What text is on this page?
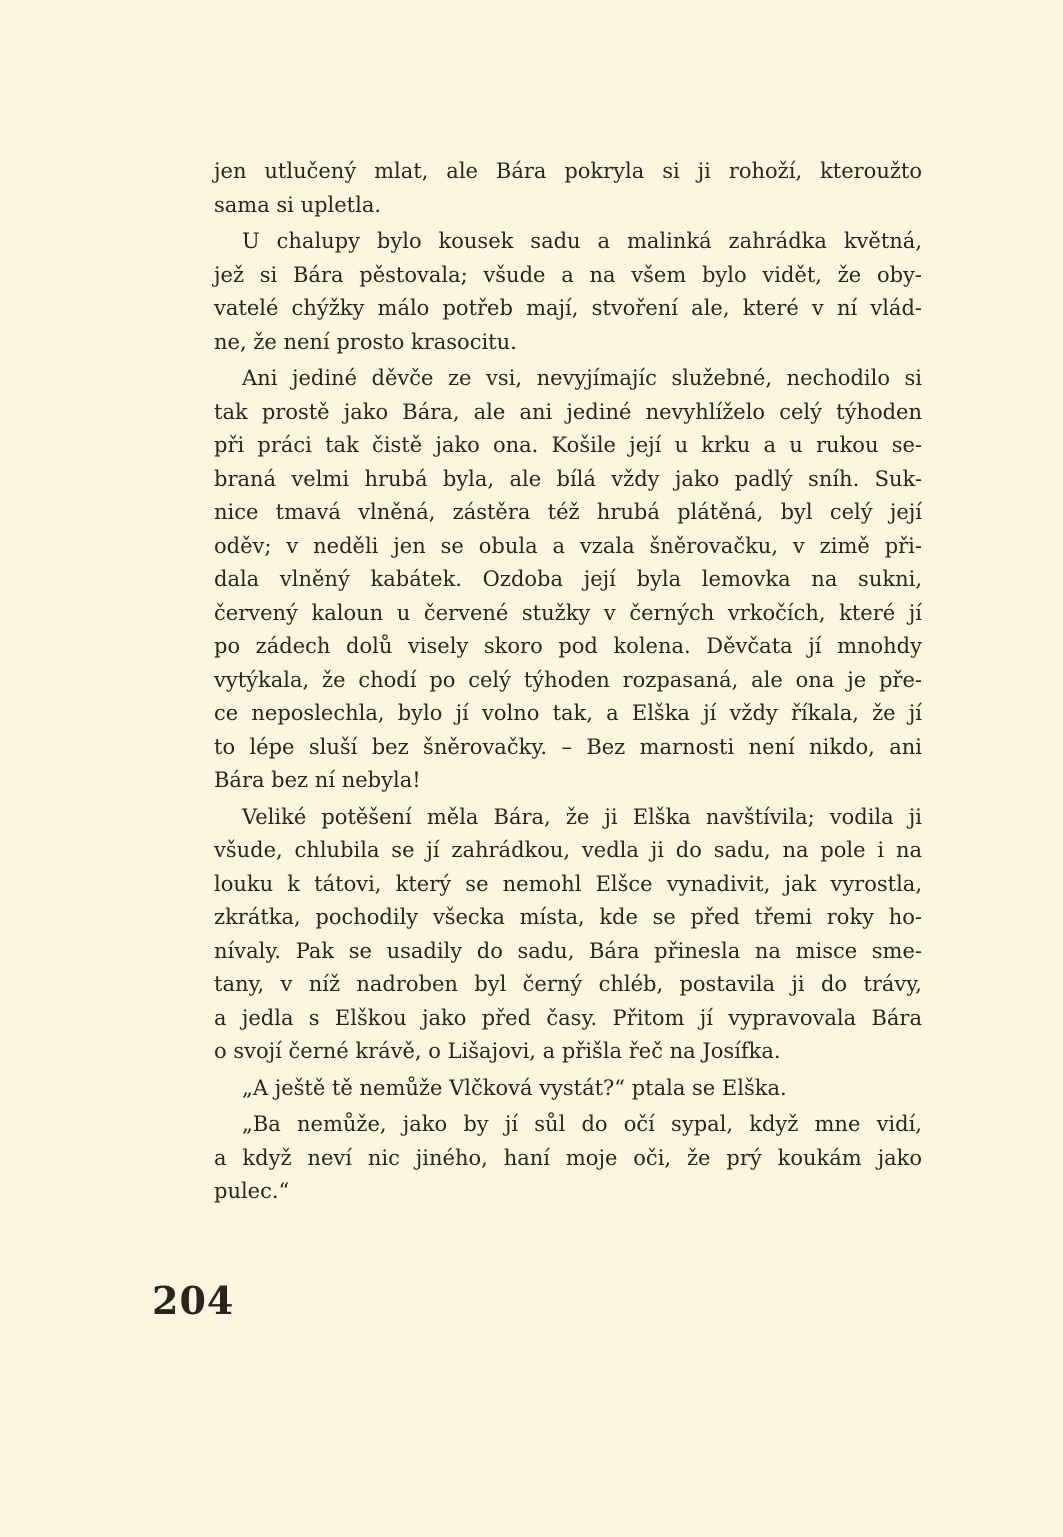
jen utlučený mlat, ale Bára pokryla si ji rohoží, kteroužto
sama si upletla.
U chalupy bylo kousek sadu a malinká zahrádka květná,
jež si Bára pěstovala; všude a na všem bylo vidět, že oby-
vatelé chýžky málo potřeb mají, stvoření ale, které v ní vlád-
ne, že není prosto krasocitu.
Ani jediné děvče ze vsi, nevyjímajíc služebné, nechodilo si
tak prostě jako Bára, ale ani jediné nevyhlíželo celý týhoden
při práci tak čistě jako ona. Košile její u krku a u rukou se-
braná velmi hrubá byla, ale bílá vždy jako padlý sníh. Suk-
nice tmavá vlněná, zástěra též hrubá plátěná, byl celý její
oděv; v neděli jen se obula a vzala šněrovačku, v zimě při-
dala vlněný kabátek. Ozdoba její byla lemovka na sukni,
červený kaloun u červené stužky v černých vrkočích, které jí
po zádech dolů visely skoro pod kolena. Děvčata jí mnohdy
vytýkala, že chodí po celý týhoden rozpasaná, ale ona je pře-
ce neposlechla, bylo jí volno tak, a Elška jí vždy říkala, že jí
to lépe sluší bez šněrovačky. – Bez marnosti není nikdo, ani
Bára bez ní nebyla!
Veliké potěšení měla Bára, že ji Elška navštívila; vodila ji
všude, chlubila se jí zahrádkou, vedla ji do sadu, na pole i na
louku k tátovi, který se nemohl Elšce vynadivit, jak vyrostla,
zkrátka, pochodily všecka místa, kde se před třemi roky ho-
nívaly. Pak se usadily do sadu, Bára přinesla na misce sme-
tany, v níž nadroben byl černý chléb, postavila ji do trávy,
a jedla s Elškou jako před časy. Přitom jí vypravovala Bára
o svojí černé krávě, o Lišajovi, a přišla řeč na Josífka.
„A ještě tě nemůže Vlčková vystát?“ ptala se Elška.
„Ba nemůže, jako by jí sůl do očí sypal, když mne vidí,
a když neví nic jiného, haní moje oči, že prý koukám jako
pulec.“
204
